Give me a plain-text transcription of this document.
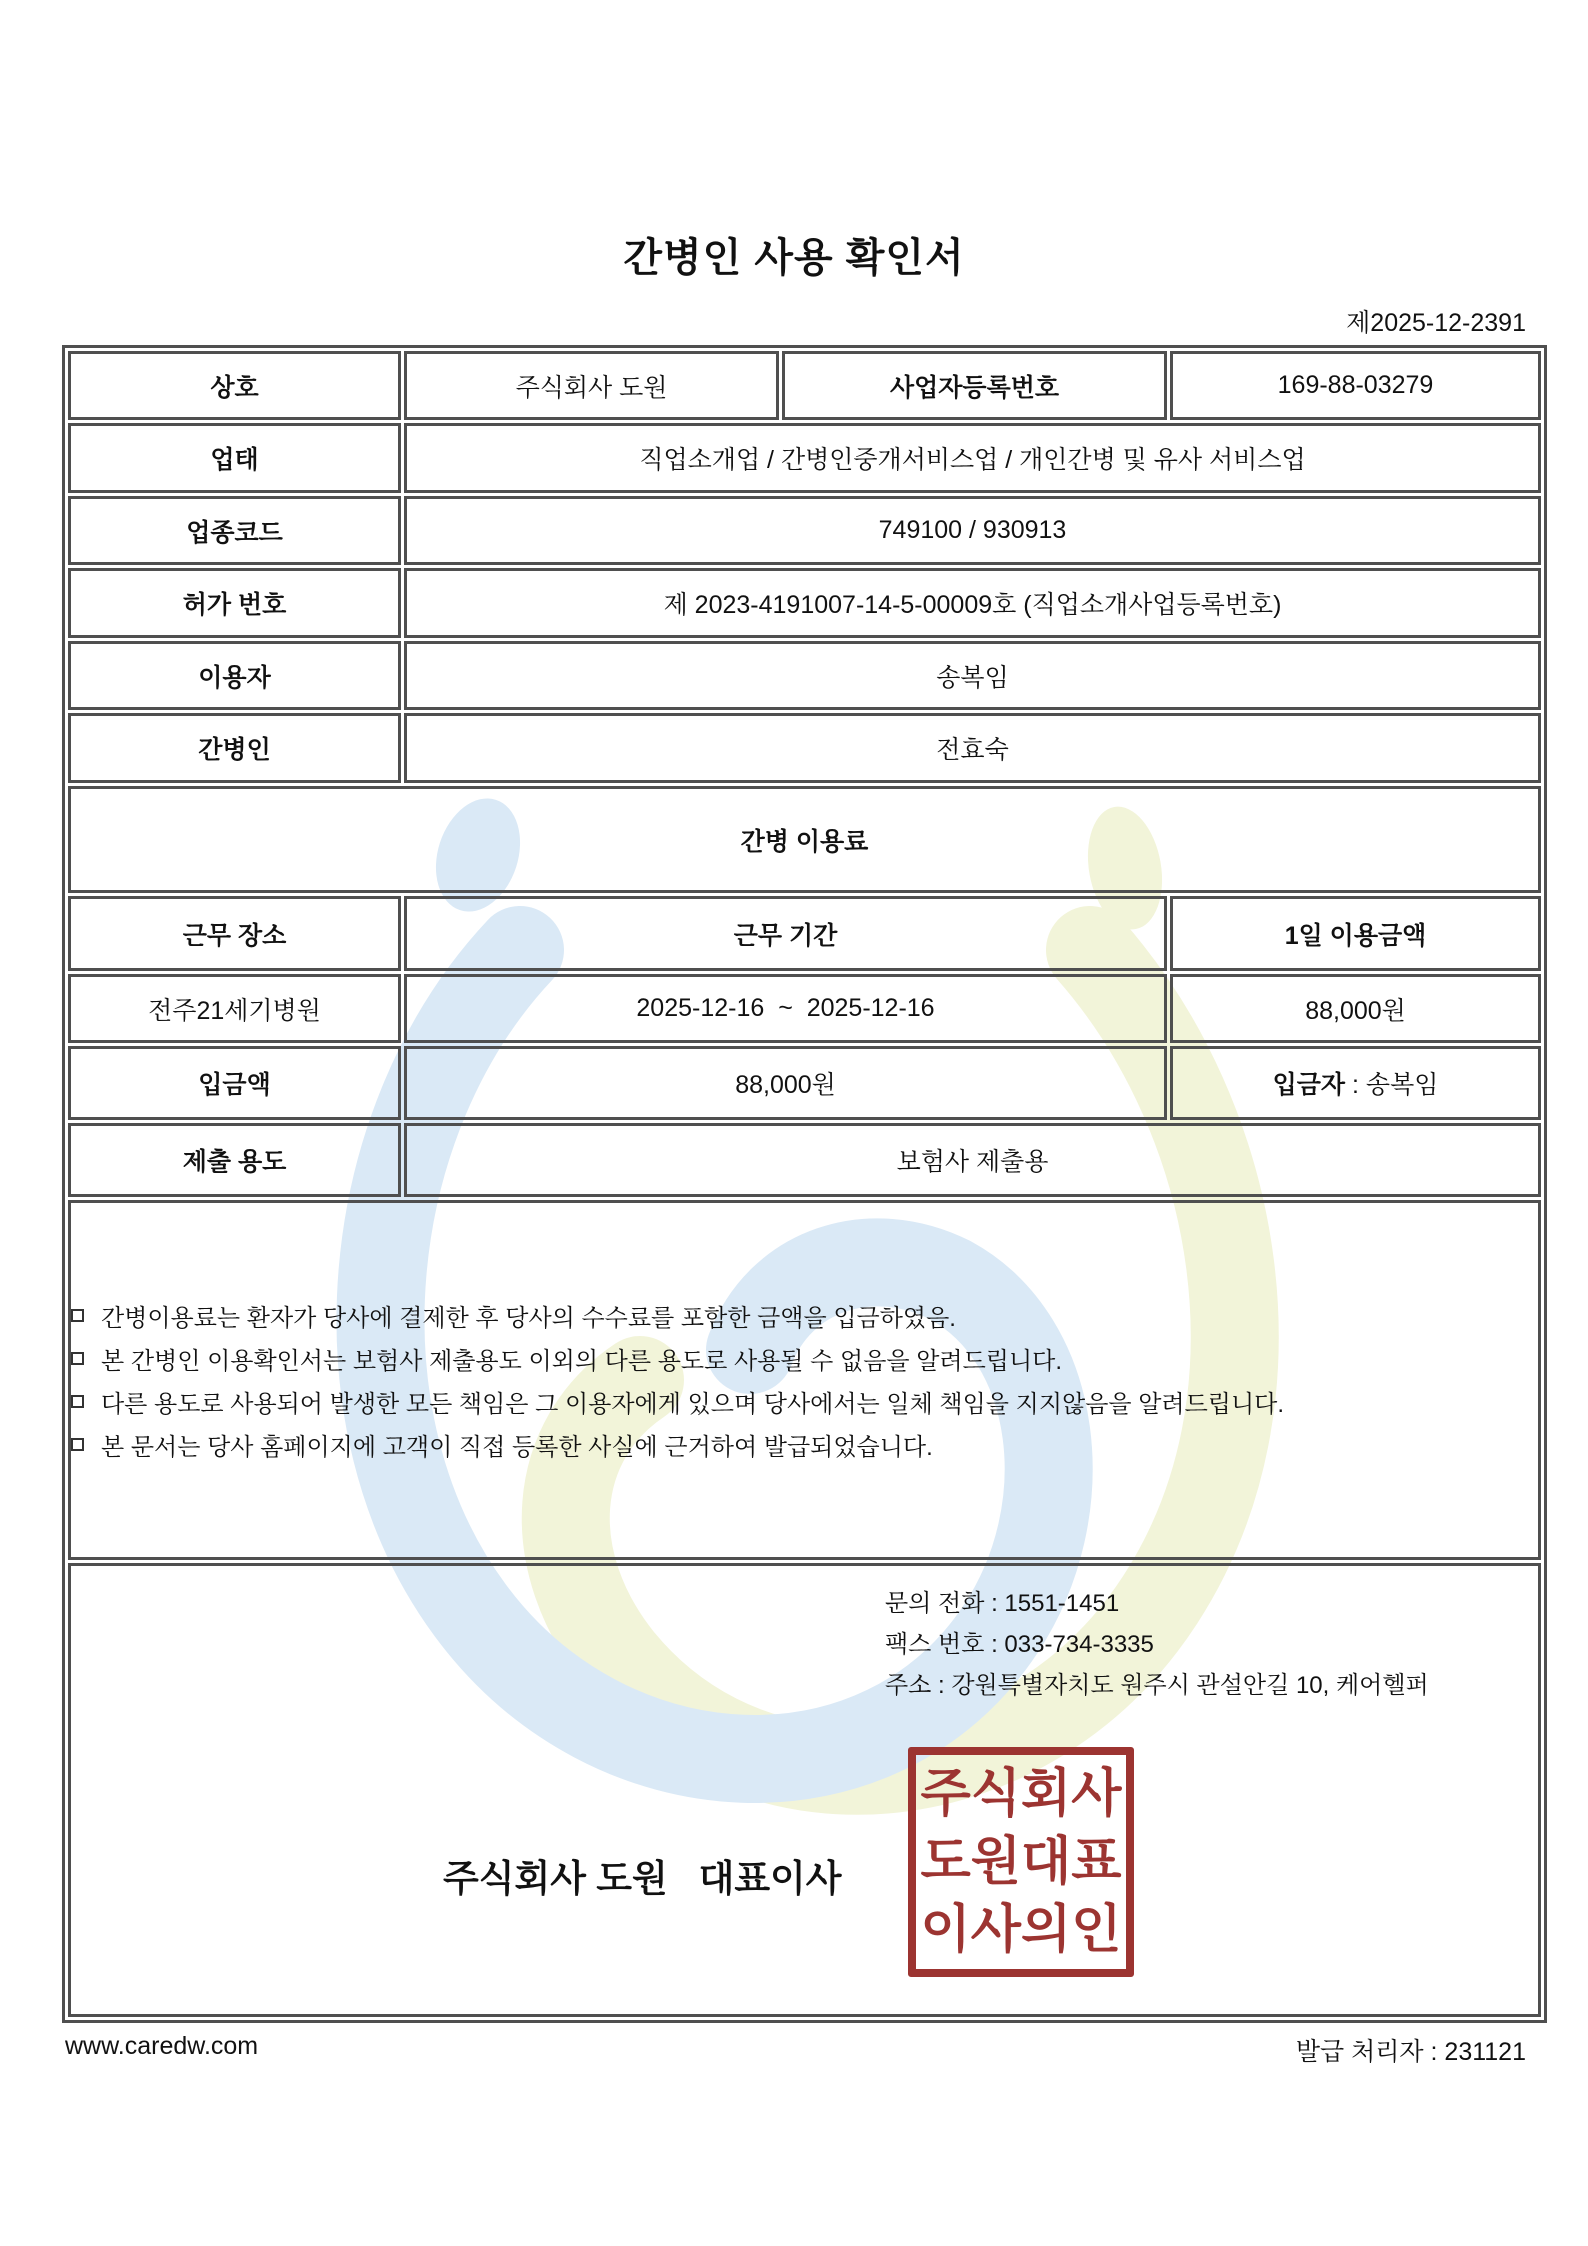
간병인 사용 확인서
제2025-12-2391
상호	주식회사 도원	사업자등록번호	169-88-03279
업태	직업소개업 / 간병인중개서비스업 / 개인간병 및 유사 서비스업		
업종코드	749100 / 930913		
허가 번호	제 2023-4191007-14-5-00009호 (직업소개사업등록번호)		
이용자	송복임		
간병인	전효숙		
간병 이용료			
근무 장소	근무 기간		1일 이용금액
전주21세기병원	2025-12-16 ~ 2025-12-16		88,000원
입금액	88,000원		입금자 : 송복임
제출 용도	보험사 제출용		

간병이용료는 환자가 당사에 결제한 후 당사의 수수료를 포함한 금액을 입금하였음.
본 간병인 이용확인서는 보험사 제출용도 이외의 다른 용도로 사용될 수 없음을 알려드립니다.
다른 용도로 사용되어 발생한 모든 책임은 그 이용자에게 있으며 당사에서는 일체 책임을 지지않음을 알려드립니다.
본 문서는 당사 홈페이지에 고객이 직접 등록한 사실에 근거하여 발급되었습니다.			

문의 전화 : 1551-1451
팩스 번호 : 033-734-3335
주소 : 강원특별자치도 원주시 관설안길 10, 케어헬퍼
주식회사 도원   대표이사
주식회사
도원대표
이사의인
www.caredw.com	발급 처리자 : 231121
